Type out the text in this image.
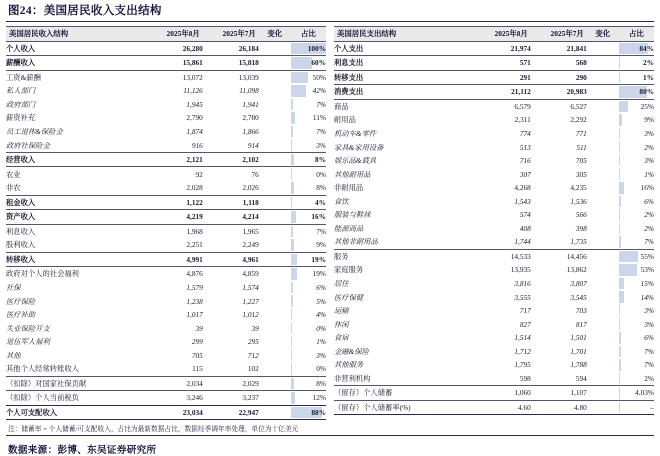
图24：美国居民收入支出结构
美国居民收入结构	2025年8月	2025年7月	变化	占比
个人收入	26,280	26,184		100%
薪酬收入	15,861	15,818		60%
工资&薪酬	13,072	13,039		50%
私人部门	11,126	11,098		42%
政府部门	1,945	1,941		7%
薪资补充	2,790	2,780		11%
员工退休&保险金	1,874	1,866		7%
政府社保险金	916	914		3%
经营收入	2,121	2,102		8%
农业	92	76		0%
非农	2,028	2,026		8%
租金收入	1,122	1,118		4%
资产收入	4,219	4,214		16%
利息收入	1,968	1,965		7%
股利收入	2,251	2,249		9%
转移收入	4,991	4,961		19%
政府对个人的社会福利	4,876	4,859		19%
社保	1,579	1,574		6%
医疗保险	1,238	1,227		5%
医疗补助	1,017	1,012		4%
失业保险开支	39	39		0%
退伍军人福利	299	295		1%
其他	705	712		3%
其他个人经常转账收入	115	102		0%
（扣除）对国家社保贡献	2,034	2,029		8%
（扣除）个人当前税负	3,246	3,237		12%
个人可支配收入	23,034	22,947		88%
美国居民支出结构	2025年8月	2025年7月	变化	占比
个人支出	21,974	21,841		84%
利息支出	571	568		2%
转移支出	291	290		1%
消费支出	21,112	20,983		80%
商品	6,579	6,527		25%
耐用品	2,311	2,292		9%
机动车&零件	774	771		3%
家具&家用设备	513	511		2%
娱乐品&载具	716	705		3%
其他耐用品	307	305		1%
非耐用品	4,268	4,235		16%
食饮	1,543	1,536		6%
服装与鞋袜	574	566		2%
能源商品	408	398		2%
其他非耐用品	1,744	1,735		7%
服务	14,533	14,456		55%
家庭服务	13,935	13,862		53%
居住	3,816	3,807		15%
医疗保健	3,555	3,545		14%
运输	717	703		3%
休闲	827	817		3%
食宿	1,514	1,501		6%
金融&保险	1,712	1,701		7%
其他服务	1,795	1,788		7%
非营利机构	598	594		2%
（留存）个人储蓄	1,060	1,107		4.03%
（留存）个人储蓄率(%)	4.60	4.80		–
注：储蓄率 = 个人储蓄/可支配收入，占比为最新数据占比，数据经季调年率处理，单位为十亿美元
数据来源：彭博、东吴证券研究所
